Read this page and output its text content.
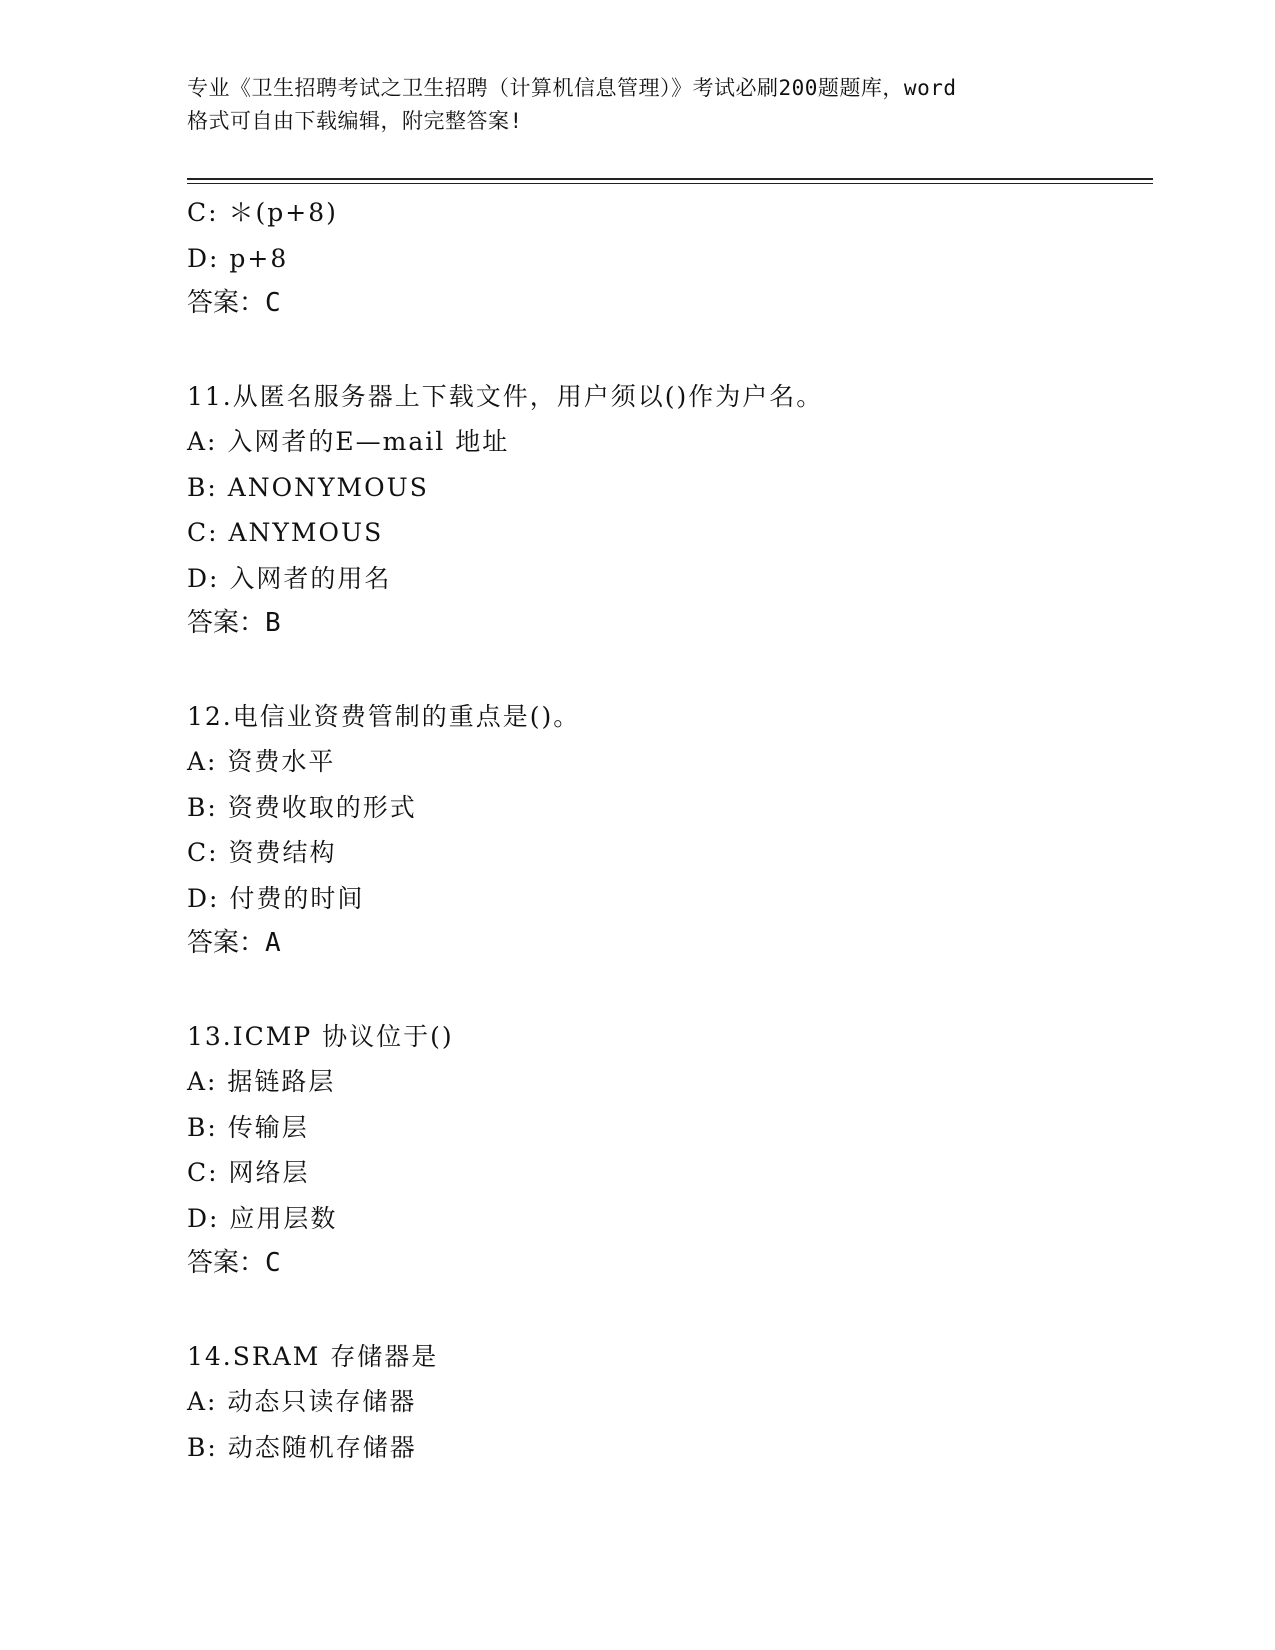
专业《卫生招聘考试之卫生招聘（计算机信息管理）》考试必刷200题题库，word
格式可自由下载编辑，附完整答案!
C: ＊(p+8)
D: p+8
答案：C
11.从匿名服务器上下载文件，用户须以()作为户名。
A: 入网者的E—mail 地址
B: ANONYMOUS
C: ANYMOUS
D: 入网者的用名
答案：B
12.电信业资费管制的重点是()。
A: 资费水平
B: 资费收取的形式
C: 资费结构
D: 付费的时间
答案：A
13.ICMP 协议位于()
A: 据链路层
B: 传输层
C: 网络层
D: 应用层数
答案：C
14.SRAM 存储器是
A: 动态只读存储器
B: 动态随机存储器
